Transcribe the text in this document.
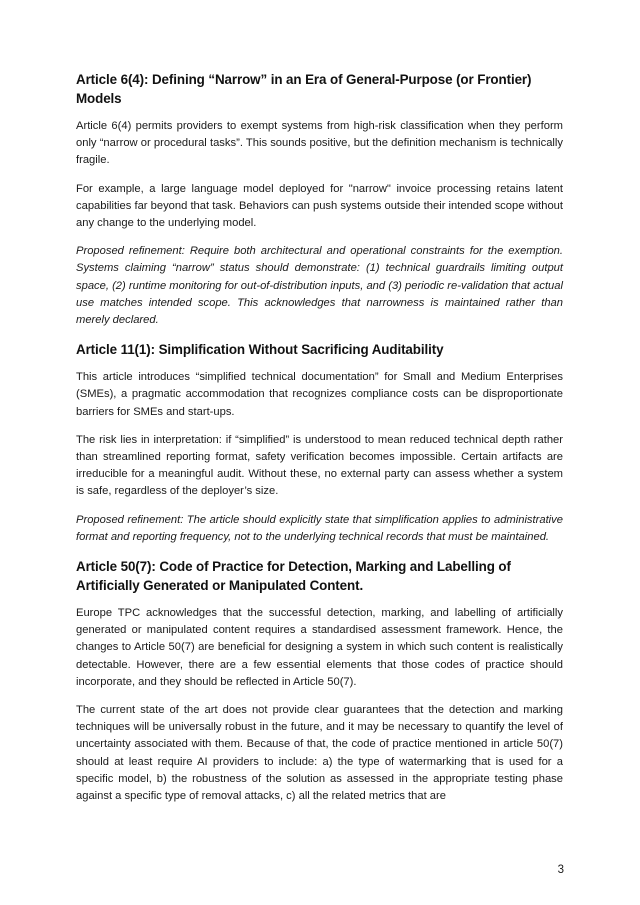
Article 6(4): Defining “Narrow” in an Era of General-Purpose (or Frontier) Models

Article 6(4) permits providers to exempt systems from high-risk classification when they perform only “narrow or procedural tasks”. This sounds positive, but the definition mechanism is technically fragile.

For example, a large language model deployed for "narrow" invoice processing retains latent capabilities far beyond that task. Behaviors can push systems outside their intended scope without any change to the underlying model.

Proposed refinement: Require both architectural and operational constraints for the exemption. Systems claiming “narrow” status should demonstrate: (1) technical guardrails limiting output space, (2) runtime monitoring for out-of-distribution inputs, and (3) periodic re-validation that actual use matches intended scope. This acknowledges that narrowness is maintained rather than merely declared.

Article 11(1): Simplification Without Sacrificing Auditability

This article introduces “simplified technical documentation” for Small and Medium Enterprises (SMEs), a pragmatic accommodation that recognizes compliance costs can be disproportionate barriers for SMEs and start-ups.

The risk lies in interpretation: if “simplified” is understood to mean reduced technical depth rather than streamlined reporting format, safety verification becomes impossible. Certain artifacts are irreducible for a meaningful audit. Without these, no external party can assess whether a system is safe, regardless of the deployer’s size.

Proposed refinement: The article should explicitly state that simplification applies to administrative format and reporting frequency, not to the underlying technical records that must be maintained.

Article 50(7): Code of Practice for Detection, Marking and Labelling of Artificially Generated or Manipulated Content.

Europe TPC acknowledges that the successful detection, marking, and labelling of artificially generated or manipulated content requires a standardised assessment framework. Hence, the changes to Article 50(7) are beneficial for designing a system in which such content is realistically detectable. However, there are a few essential elements that those codes of practice should incorporate, and they should be reflected in Article 50(7).

The current state of the art does not provide clear guarantees that the detection and marking techniques will be universally robust in the future, and it may be necessary to quantify the level of uncertainty associated with them. Because of that, the code of practice mentioned in article 50(7) should at least require AI providers to include: a) the type of watermarking that is used for a specific model, b) the robustness of the solution as assessed in the appropriate testing phase against a specific type of removal attacks, c) all the related metrics that are

3
